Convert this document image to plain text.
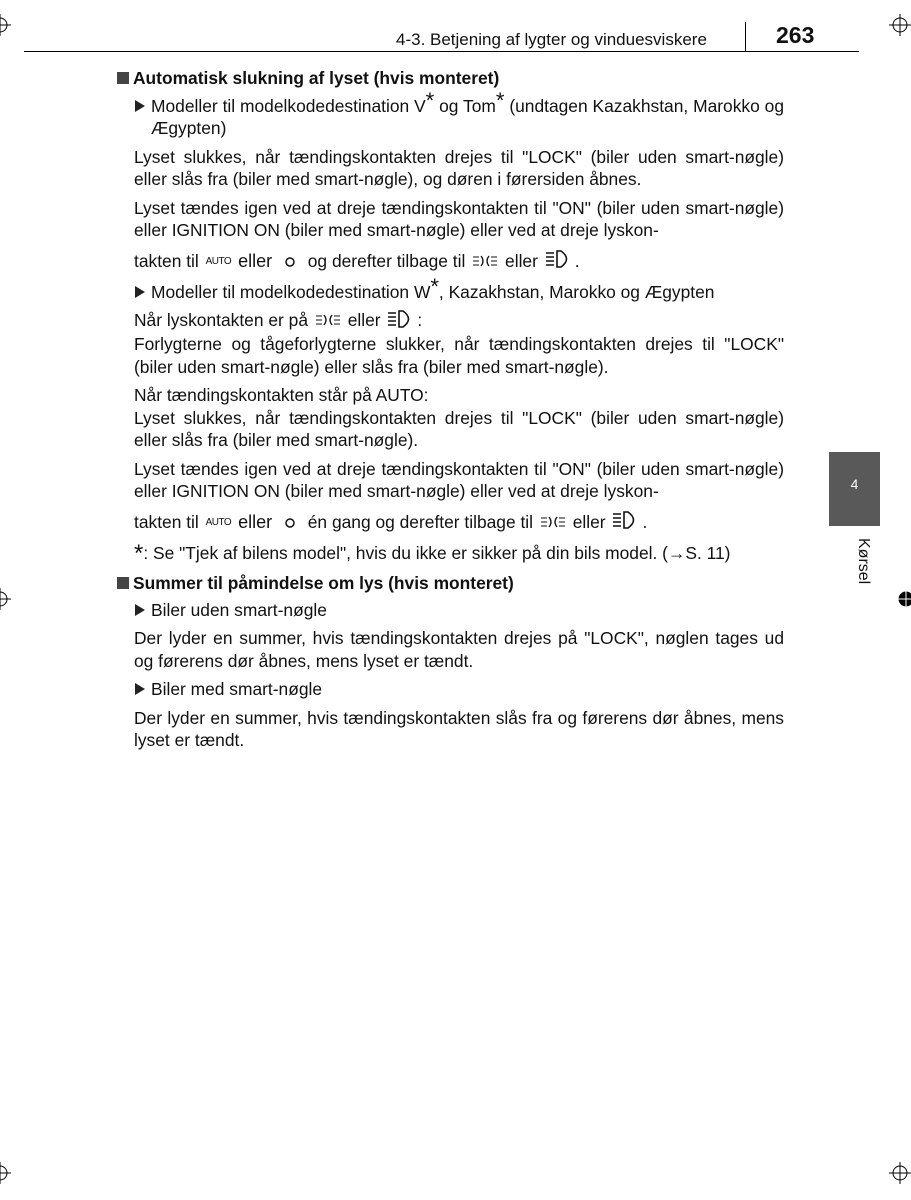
4-3. Betjening af lygter og vinduesviskere	263
4
Kørsel
Automatisk slukning af lyset (hvis monteret)
Modeller til modelkodedestination V* og Tom* (undtagen Kazakhstan, Marokko og Ægypten)
Lyset slukkes, når tændingskontakten drejes til "LOCK" (biler uden smart-nøgle) eller slås fra (biler med smart-nøgle), og døren i førersiden åbnes.
Lyset tændes igen ved at dreje tændingskontakten til "ON" (biler uden smart-nøgle) eller IGNITION ON (biler med smart-nøgle) eller ved at dreje lyskon-
takten til AUTO eller og derefter tilbage til eller .
Modeller til modelkodedestination W*, Kazakhstan, Marokko og Ægypten
Når lyskontakten er på eller :
Forlygterne og tågeforlygterne slukker, når tændingskontakten drejes til "LOCK" (biler uden smart-nøgle) eller slås fra (biler med smart-nøgle).
Når tændingskontakten står på AUTO:
Lyset slukkes, når tændingskontakten drejes til "LOCK" (biler uden smart-nøgle) eller slås fra (biler med smart-nøgle).
Lyset tændes igen ved at dreje tændingskontakten til "ON" (biler uden smart-nøgle) eller IGNITION ON (biler med smart-nøgle) eller ved at dreje lyskon-
takten til AUTO eller én gang og derefter tilbage til eller .
*: Se "Tjek af bilens model", hvis du ikke er sikker på din bils model. (→S. 11)
Summer til påmindelse om lys (hvis monteret)
Biler uden smart-nøgle
Der lyder en summer, hvis tændingskontakten drejes på "LOCK", nøglen tages ud og førerens dør åbnes, mens lyset er tændt.
Biler med smart-nøgle
Der lyder en summer, hvis tændingskontakten slås fra og førerens dør åbnes, mens lyset er tændt.
